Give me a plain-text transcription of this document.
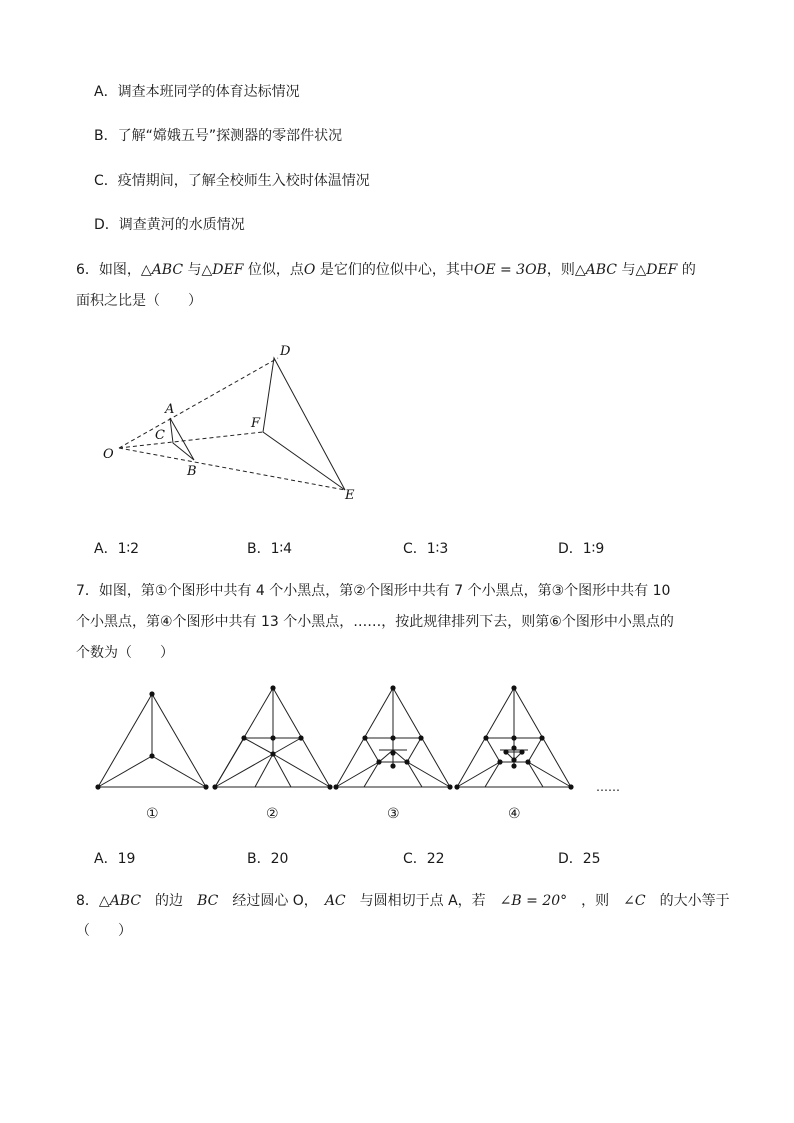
A．调查本班同学的体育达标情况
B．了解“嫦娥五号”探测器的零部件状况
C．疫情期间，了解全校师生入校时体温情况
D．调查黄河的水质情况
6．如图，△ABC 与△DEF 位似，点O 是它们的位似中心，其中OE = 3OB，则△ABC 与△DEF 的
面积之比是（　　）
O
A
C
B
D
F
E
A．1∶2	B．1∶4	C．1∶3	D．1∶9
7．如图，第①个图形中共有 4 个小黑点，第②个图形中共有 7 个小黑点，第③个图形中共有 10
个小黑点，第④个图形中共有 13 个小黑点，……，按此规律排列下去，则第⑥个图形中小黑点的
个数为（　　）
……
①	②	③	④
A．19	B．20	C．22	D．25
8．△ABC　的边　BC　经过圆心 O，　AC　与圆相切于点 A，若　∠B = 20°　，则　∠C　的大小等于
（　　）
